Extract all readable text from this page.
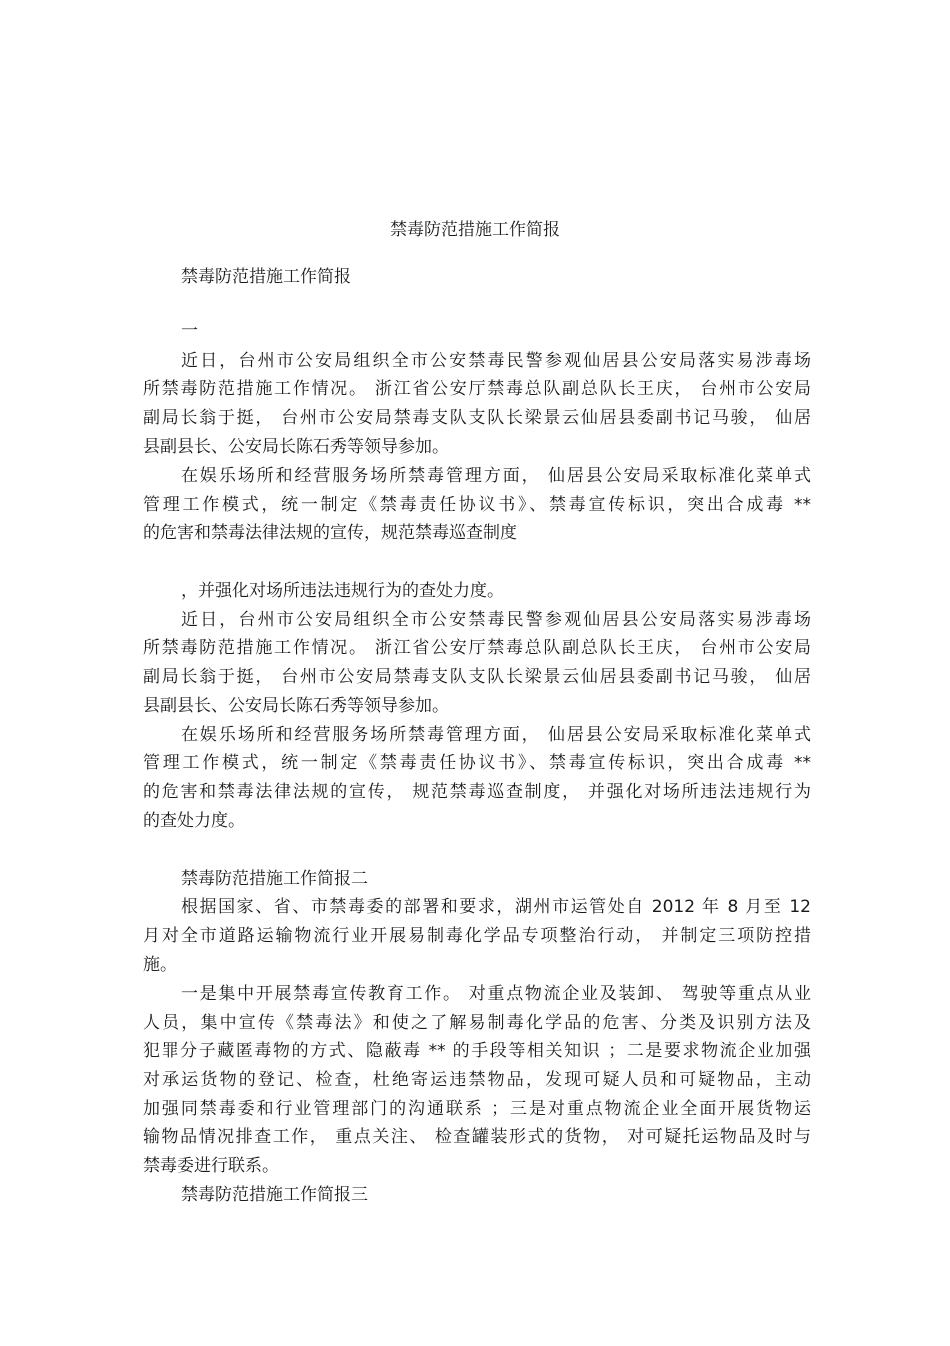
禁毒防范措施工作简报
禁毒防范措施工作简报
一
近日，台州市公安局组织全市公安禁毒民警参观仙居县公安局落实易涉毒场
所禁毒防范措施工作情况。 浙江省公安厅禁毒总队副总队长王庆， 台州市公安局
副局长翁于挺， 台州市公安局禁毒支队支队长梁景云仙居县委副书记马骏， 仙居
县副县长、公安局长陈石秀等领导参加。
在娱乐场所和经营服务场所禁毒管理方面， 仙居县公安局采取标准化菜单式
管理工作模式，统一制定《禁毒责任协议书》、禁毒宣传标识，突出合成毒 **
的危害和禁毒法律法规的宣传，规范禁毒巡查制度
，并强化对场所违法违规行为的查处力度。
近日，台州市公安局组织全市公安禁毒民警参观仙居县公安局落实易涉毒场
所禁毒防范措施工作情况。 浙江省公安厅禁毒总队副总队长王庆， 台州市公安局
副局长翁于挺， 台州市公安局禁毒支队支队长梁景云仙居县委副书记马骏， 仙居
县副县长、公安局长陈石秀等领导参加。
在娱乐场所和经营服务场所禁毒管理方面， 仙居县公安局采取标准化菜单式
管理工作模式，统一制定《禁毒责任协议书》、禁毒宣传标识，突出合成毒 **
的危害和禁毒法律法规的宣传， 规范禁毒巡查制度， 并强化对场所违法违规行为
的查处力度。
禁毒防范措施工作简报二
根据国家、省、市禁毒委的部署和要求，湖州市运管处自 2012 年 8 月至 12
月对全市道路运输物流行业开展易制毒化学品专项整治行动， 并制定三项防控措
施。
一是集中开展禁毒宣传教育工作。 对重点物流企业及装卸、 驾驶等重点从业
人员，集中宣传《禁毒法》和使之了解易制毒化学品的危害、分类及识别方法及
犯罪分子藏匿毒物的方式、隐蔽毒 ** 的手段等相关知识 ；二是要求物流企业加强
对承运货物的登记、检查，杜绝寄运违禁物品，发现可疑人员和可疑物品，主动
加强同禁毒委和行业管理部门的沟通联系 ；三是对重点物流企业全面开展货物运
输物品情况排查工作， 重点关注、 检查罐装形式的货物， 对可疑托运物品及时与
禁毒委进行联系。
禁毒防范措施工作简报三
